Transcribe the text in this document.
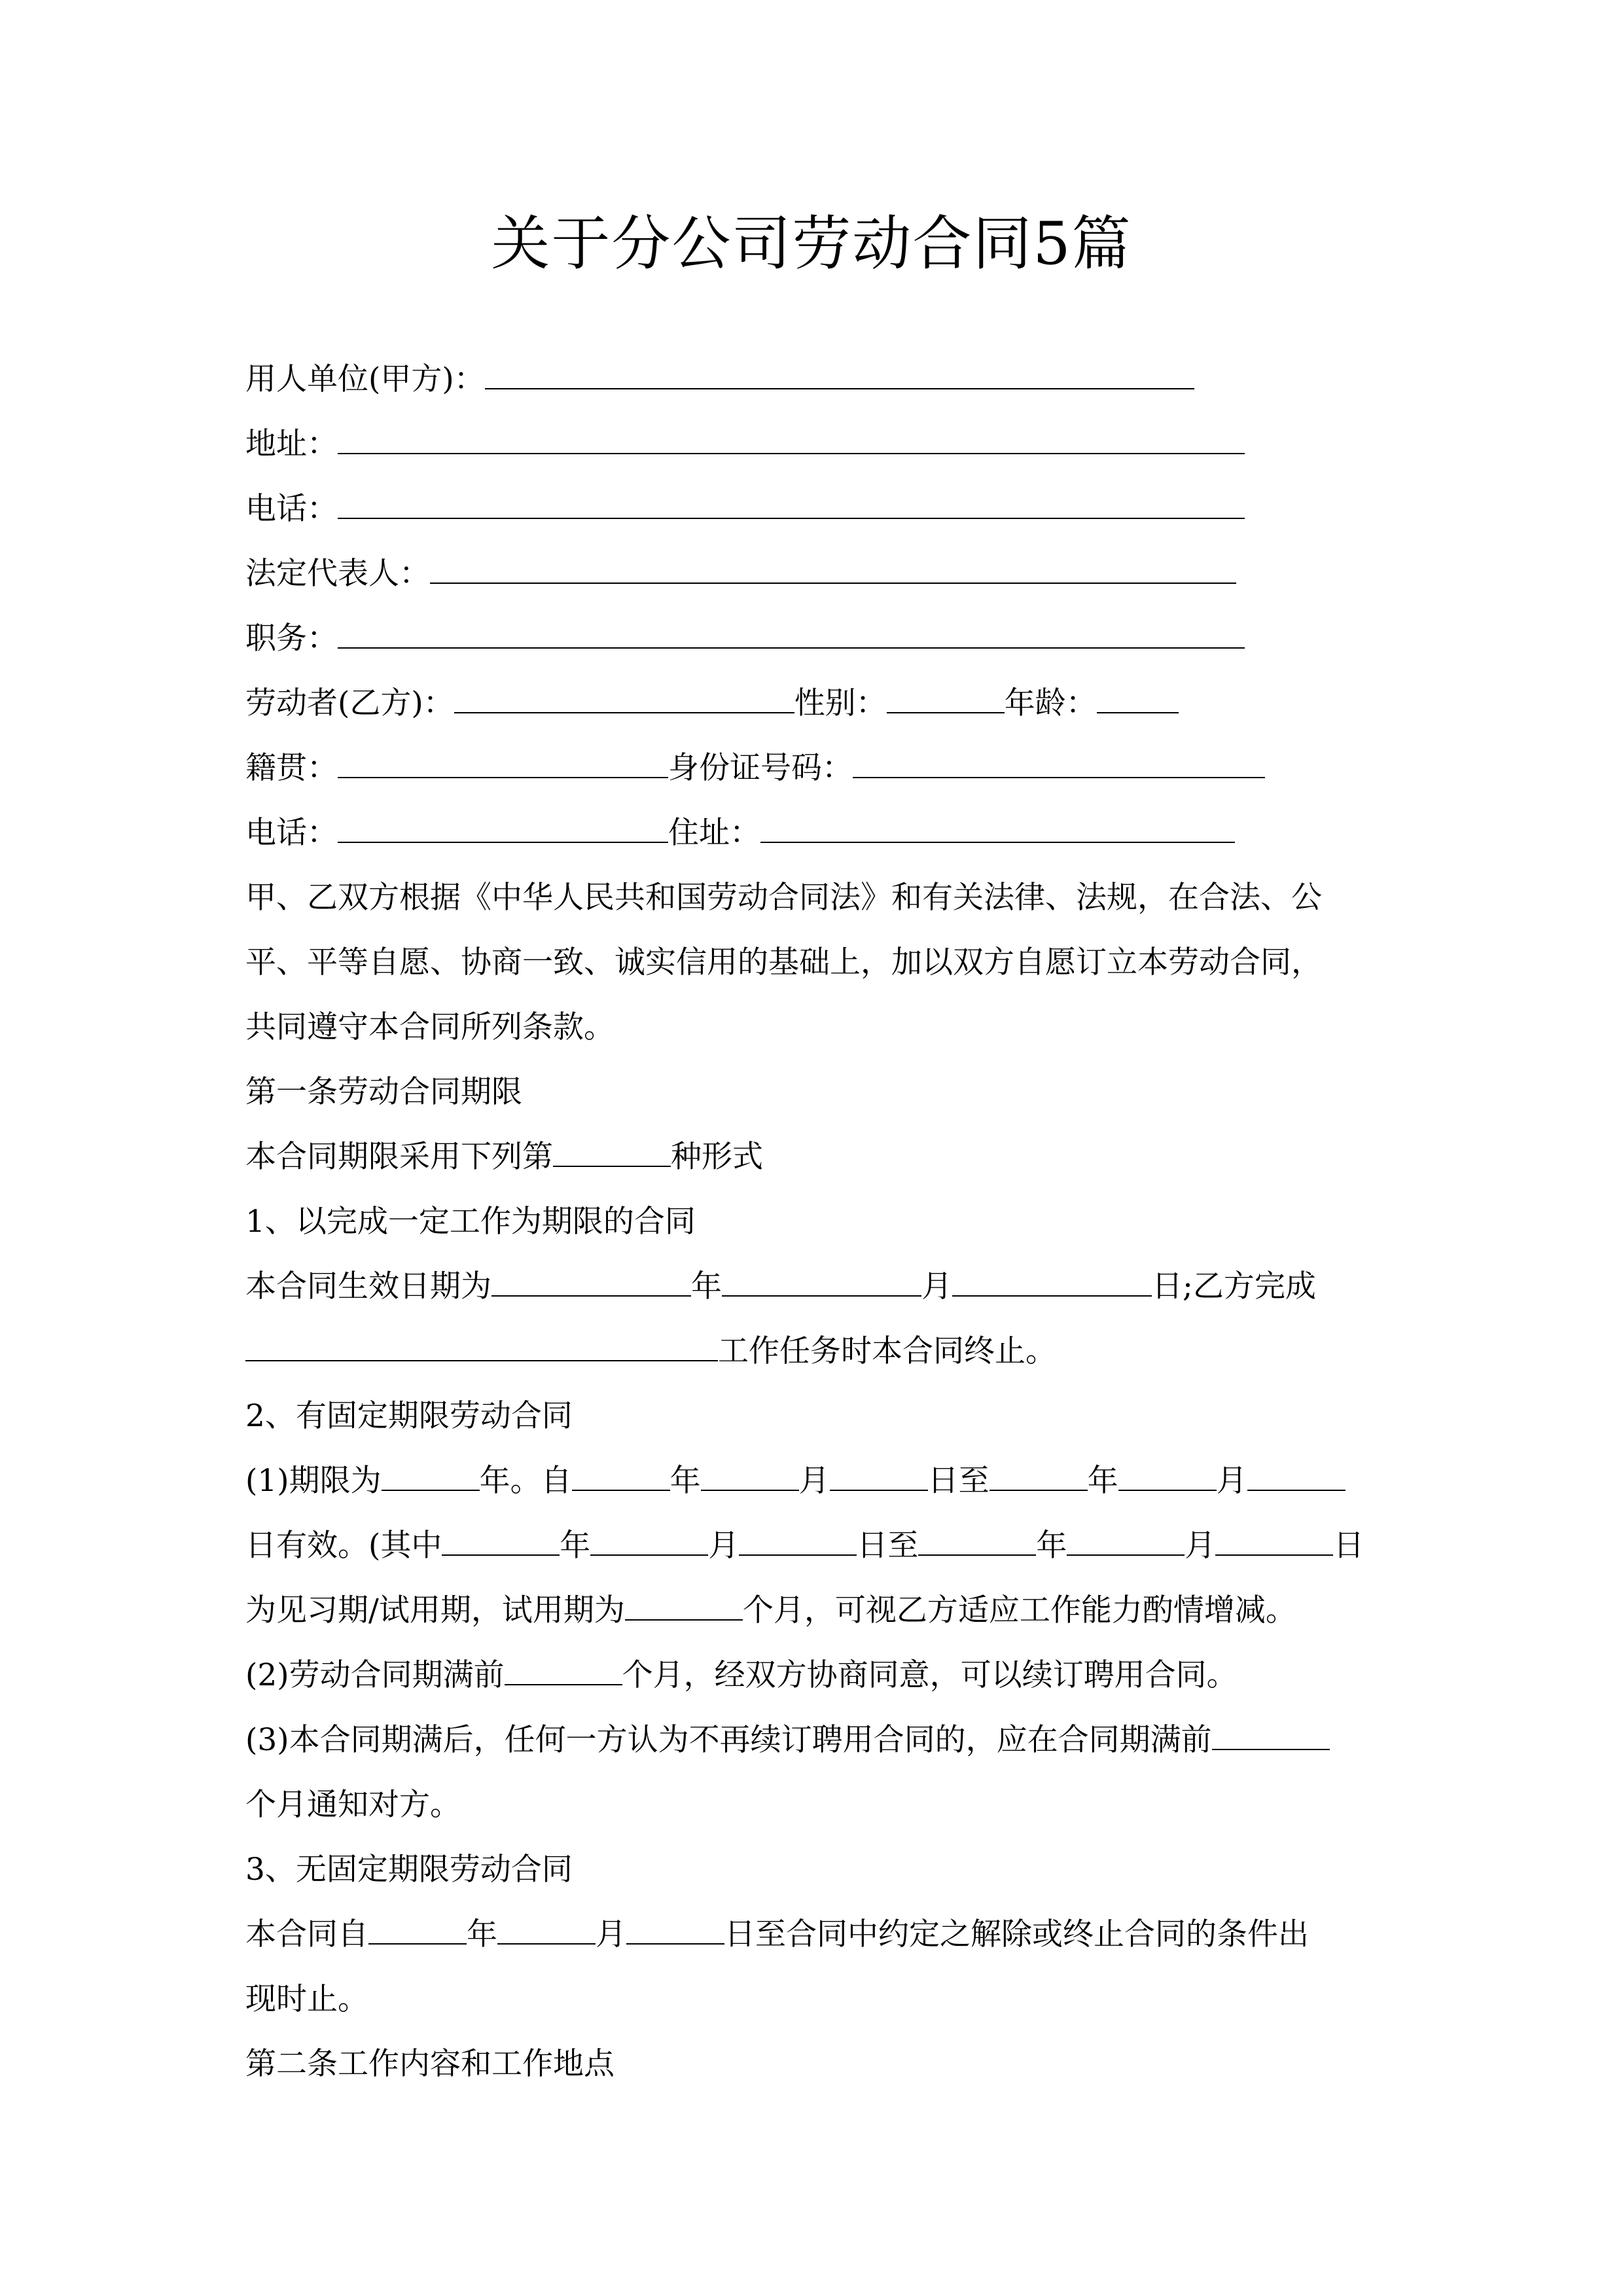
关于分公司劳动合同5篇
用人单位(甲方)：
地址：
电话：
法定代表人：
职务：
劳动者(乙方)：	性别：	年龄：
籍贯：	身份证号码：
电话：	住址：
甲、乙双方根据《中华人民共和国劳动合同法》和有关法律、法规，在合法、公
平、平等自愿、协商一致、诚实信用的基础上，加以双方自愿订立本劳动合同，
共同遵守本合同所列条款。
第一条劳动合同期限
本合同期限采用下列第	种形式
1、以完成一定工作为期限的合同
本合同生效日期为	年	月	日;乙方完成
工作任务时本合同终止。
2、有固定期限劳动合同
(1)期限为	年。自	年	月	日至	年	月
日有效。(其中	年	月	日至	年	月	日
为见习期/试用期，试用期为	个月，可视乙方适应工作能力酌情增减。
(2)劳动合同期满前	个月，经双方协商同意，可以续订聘用合同。
(3)本合同期满后，任何一方认为不再续订聘用合同的，应在合同期满前
个月通知对方。
3、无固定期限劳动合同
本合同自	年	月	日至合同中约定之解除或终止合同的条件出
现时止。
第二条工作内容和工作地点
